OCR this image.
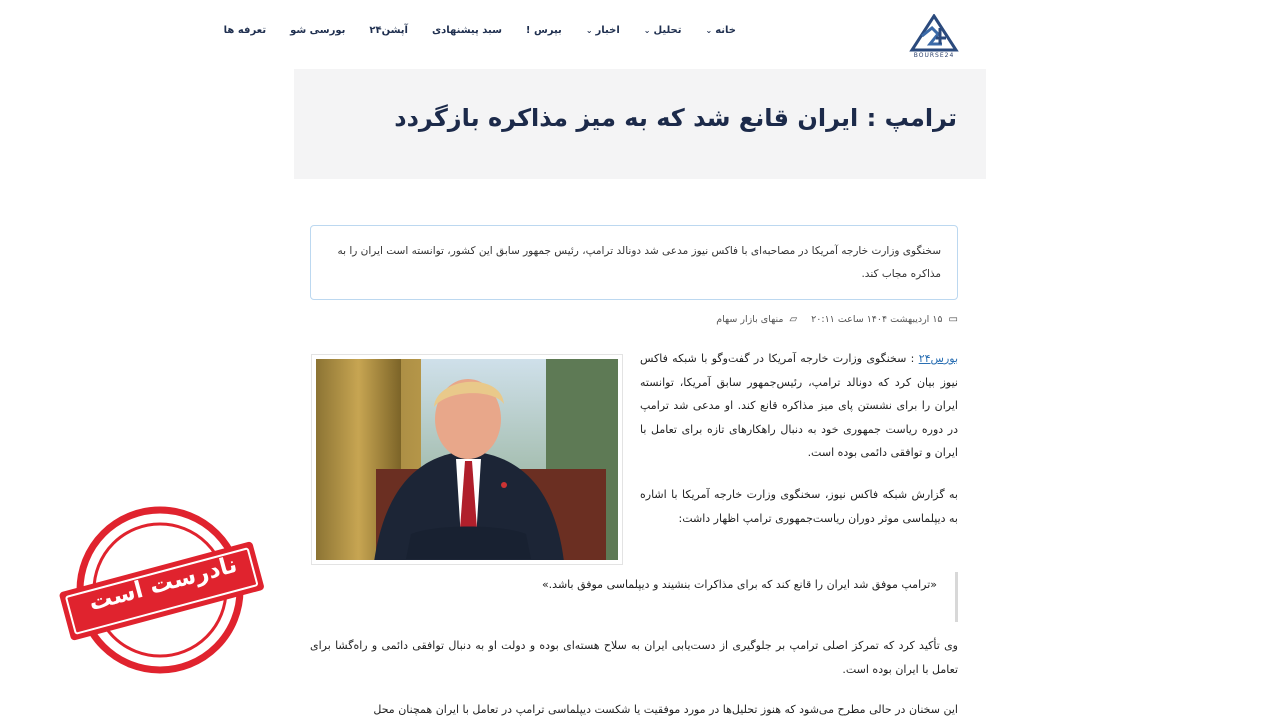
BOURSE24
خانه
⌄
تحلیل
⌄
اخبار
⌄
بپرس !
سبد پیشنهادی
آپشن۲۴
بورسی شو
تعرفه ها
ترامپ : ایران قانع شد که به میز مذاکره بازگردد

سخنگوی وزارت خارجه آمریکا در مصاحبه‌ای با فاکس نیوز مدعی شد دونالد ترامپ، رئیس جمهور سابق این کشور، توانسته است ایران را به مذاکره مجاب کند.

▭
۱۵ اردیبهشت ۱۴۰۴ ساعت ۲۰:۱۱
▱
منهای بازار سهام

بورس۲۴ : سخنگوی وزارت خارجه آمریکا در گفت‌وگو با شبکه فاکس نیوز بیان کرد که دونالد ترامپ، رئیس‌جمهور سابق آمریکا، توانسته ایران را برای نشستن پای میز مذاکره قانع کند. او مدعی شد ترامپ در دوره ریاست جمهوری خود به دنبال راهکارهای تازه برای تعامل با ایران و توافقی دائمی بوده است.

به گزارش شبکه فاکس نیوز، سخنگوی وزارت خارجه آمریکا با اشاره به دیپلماسی موثر دوران ریاست‌جمهوری ترامپ اظهار داشت:

«ترامپ موفق شد ایران را قانع کند که برای مذاکرات بنشیند و دیپلماسی موفق باشد.»

وی تأکید کرد که تمرکز اصلی ترامپ بر جلوگیری از دست‌یابی ایران به سلاح هسته‌ای بوده و دولت او به دنبال توافقی دائمی و راه‌گشا برای تعامل با ایران بوده است.

این سخنان در حالی مطرح می‌شود که هنوز تحلیل‌ها در مورد موفقیت یا شکست دیپلماسی ترامپ در تعامل با ایران همچنان محل

نادرست است
